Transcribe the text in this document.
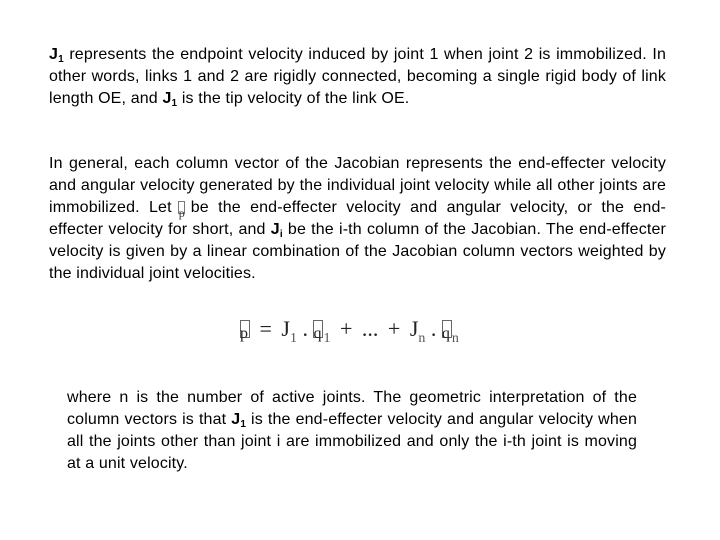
$J_1$ represents the endpoint velocity induced by joint 1 when joint 2 is immobilized. In other words, links 1 and 2 are rigidly connected, becoming a single rigid body of link length OE, and $J_1$ is the tip velocity of the link OE.
In general, each column vector of the Jacobian represents the end-effecter velocity and angular velocity generated by the individual joint velocity while all other joints are immobilized. Let p be the end-effecter velocity and angular velocity, or the end-effecter velocity for short, and $J_i$ be the i-th column of the Jacobian. The end-effecter velocity is given by a linear combination of the Jacobian column vectors weighted by the individual joint velocities.
$p = J_1$ . q $_1$ + ... + $J_n$ . q $_n$
where n is the number of active joints. The geometric interpretation of the column vectors is that $J_1$ is the end-effecter velocity and angular velocity when all the joints other than joint i are immobilized and only the i-th joint is moving at a unit velocity.
